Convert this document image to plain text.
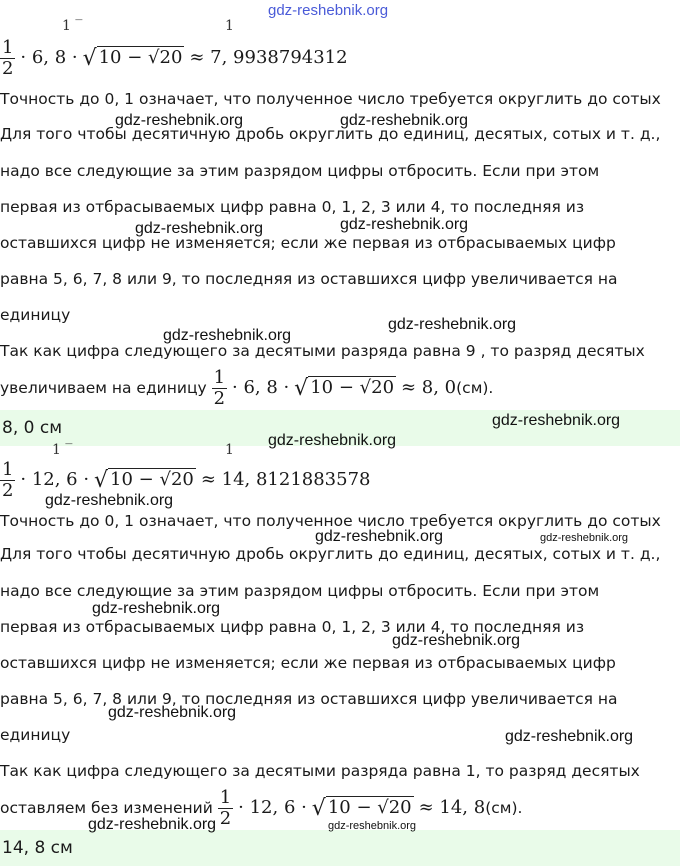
1 ‾	1
gdz-reshebnik.org
$\frac{1}{2} \cdot 6$, 8 · √ 10 − √20 ≈ 7, 9938794312
Точность до 0, 1 означает, что полученное число требуется округлить до сотых
Для того чтобы десятичную дробь округлить до единиц, десятых, сотых и т. д.,
надо все следующие за этим разрядом цифры отбросить. Если при этом
первая из отбрасываемых цифр равна 0, 1, 2, 3 или 4, то последняя из
оставшихся цифр не изменяется; если же первая из отбрасываемых цифр
равна 5, 6, 7, 8 или 9, то последняя из оставшихся цифр увеличивается на
единицу
Так как цифра следующего за десятыми разряда равна 9 , то разряд десятых
увеличиваем на единицу $\frac{1}{2} \cdot 6$, 8 · √ 10 − √20 ≈ 8, 0(см).
8, 0 см
gdz-reshebnik.org	gdz-reshebnik.org
gdz-reshebnik.org
gdz-reshebnik.org
gdz-reshebnik.org
gdz-reshebnik.org
gdz-reshebnik.org
1 ‾	1
gdz-reshebnik.org
$\frac{1}{2} \cdot 12$, 6 · √ 10 − √20 ≈ 14, 8121883578
Точность до 0, 1 означает, что полученное число требуется округлить до сотых
Для того чтобы десятичную дробь округлить до единиц, десятых, сотых и т. д.,
надо все следующие за этим разрядом цифры отбросить. Если при этом
первая из отбрасываемых цифр равна 0, 1, 2, 3 или 4, то последняя из
оставшихся цифр не изменяется; если же первая из отбрасываемых цифр
равна 5, 6, 7, 8 или 9, то последняя из оставшихся цифр увеличивается на
единицу
Так как цифра следующего за десятыми разряда равна 1, то разряд десятых
оставляем без изменений $\frac{1}{2} \cdot 12$, 6 · √ 10 − √20 ≈ 14, 8(см).
14, 8 см
gdz-reshebnik.org
gdz-reshebnik.org	gdz-reshebnik.org
gdz-reshebnik.org
gdz-reshebnik.org
gdz-reshebnik.org
gdz-reshebnik.org
gdz-reshebnik.org	gdz-reshebnik.org
